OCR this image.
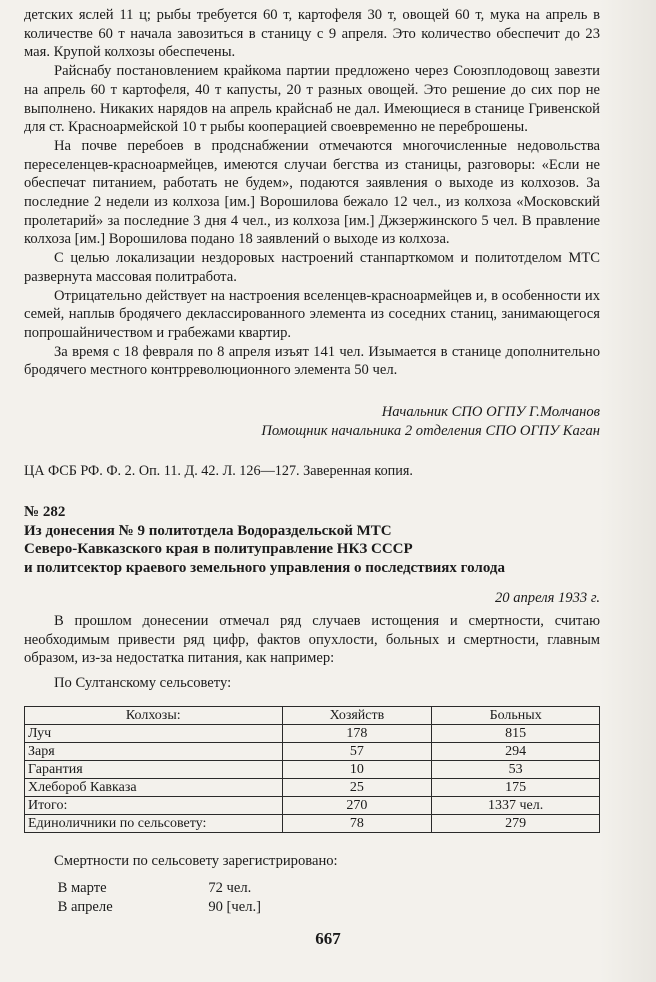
детских яслей 11 ц; рыбы требуется 60 т, картофеля 30 т, овощей 60 т, мука на апрель в количестве 60 т начала завозиться в станицу с 9 апреля. Это количество обеспечит до 23 мая. Крупой колхозы обеспечены.

Райснабу постановлением крайкома партии предложено через Союзплодовощ завезти на апрель 60 т картофеля, 40 т капусты, 20 т разных овощей. Это решение до сих пор не выполнено. Никаких нарядов на апрель крайснаб не дал. Имеющиеся в станице Гривенской для ст. Красноармейской 10 т рыбы кооперацией своевременно не переброшены.

На почве перебоев в продснабжении отмечаются многочисленные недовольства переселенцев-красноармейцев, имеются случаи бегства из станицы, разговоры: «Если не обеспечат питанием, работать не будем», подаются заявления о выходе из колхозов. За последние 2 недели из колхоза [им.] Ворошилова бежало 12 чел., из колхоза «Московский пролетарий» за последние 3 дня 4 чел., из колхоза [им.] Джзержинского 5 чел. В правление колхоза [им.] Ворошилова подано 18 заявлений о выходе из колхоза.

С целью локализации нездоровых настроений станпарткомом и политотделом МТС развернута массовая политработа.

Отрицательно действует на настроения вселенцев-красноармейцев и, в особенности их семей, наплыв бродячего деклассированного элемента из соседних станиц, занимающегося попрошайничеством и грабежами квартир.

За время с 18 февраля по 8 апреля изъят 141 чел. Изымается в станице дополнительно бродячего местного контрреволюционного элемента 50 чел.

Начальник СПО ОГПУ Г.Молчанов

Помощник начальника 2 отделения СПО ОГПУ Каган

ЦА ФСБ РФ. Ф. 2. Оп. 11. Д. 42. Л. 126—127. Заверенная копия.

№ 282

Из донесения № 9 политотдела Водораздельской МТС

Северо-Кавказского края в политуправление НКЗ СССР

и политсектор краевого земельного управления о последствиях голода

20 апреля 1933 г.

В прошлом донесении отмечал ряд случаев истощения и смертности, считаю необходимым привести ряд цифр, фактов опухлости, больных и смертности, главным образом, из-за недостатка питания, как например:

По Султанскому сельсовету:

Колхозы:	Хозяйств	Больных
Луч	178	815
Заря	57	294
Гарантия	10	53
Хлебороб Кавказа	25	175
Итого:	270	1337 чел.
Единоличники по сельсовету:	78	279

Смертности по сельсовету зарегистрировано:

В марте	72 чел.
В апреле	90 [чел.]
667
